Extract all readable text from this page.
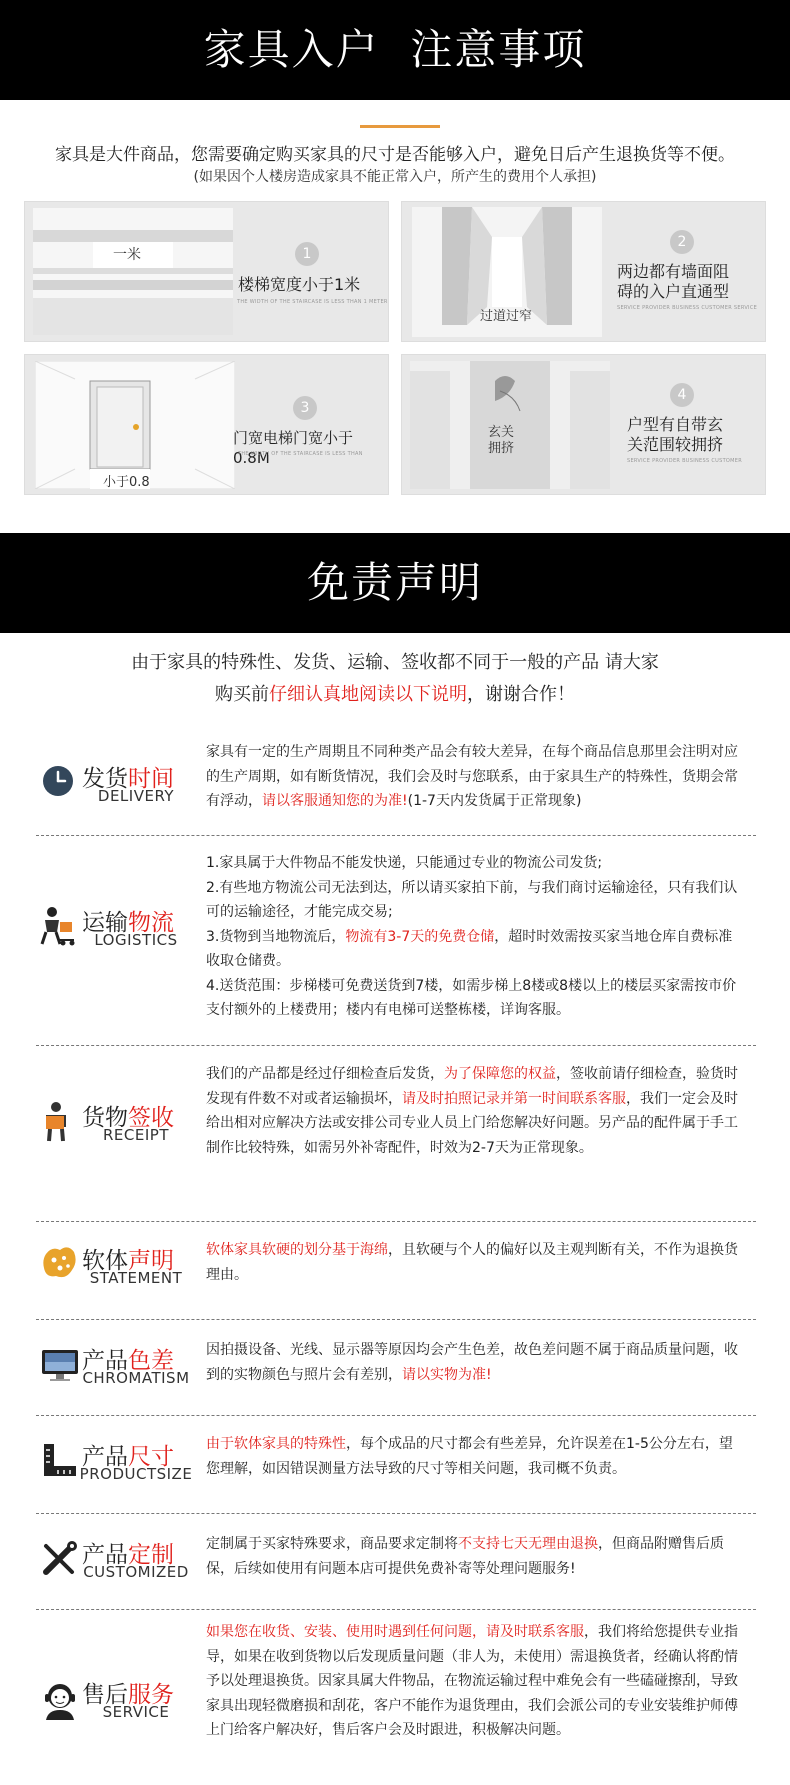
家具入户  注意事项
家具是大件商品，您需要确定购买家具的尺寸是否能够入户，避免日后产生退换货等不便。
(如果因个人楼房造成家具不能正常入户，所产生的费用个人承担)
一米	1
楼梯宽度小于1米
THE WIDTH OF THE STAIRCASE IS LESS THAN 1 METER
过道过窄
2
两边都有墙面阻
碍的入户直通型
SERVICE PROVIDER BUSINESS CUSTOMER SERVICE
小于0.8
3
门宽电梯门宽小于0.8M
THE WIDTH OF THE STAIRCASE IS LESS THAN
玄关
拥挤
4
户型有自带玄
关范围较拥挤
SERVICE PROVIDER BUSINESS CUSTOMER
免责声明
由于家具的特殊性、发货、运输、签收都不同于一般的产品 请大家
购买前仔细认真地阅读以下说明，谢谢合作！
发货时间
DELIVERY
家具有一定的生产周期且不同种类产品会有较大差异，在每个商品信息那里会注明对应的生产周期，如有断货情况，我们会及时与您联系，由于家具生产的特殊性，货期会常有浮动，请以客服通知您的为准!(1-7天内发货属于正常现象)
运输物流
LOGISTICS
1.家具属于大件物品不能发快递，只能通过专业的物流公司发货;
2.有些地方物流公司无法到达，所以请买家拍下前，与我们商讨运输途径，只有我们认可的运输途径，才能完成交易;
3.货物到当地物流后，物流有3-7天的免费仓储，超时时效需按买家当地仓库自费标准收取仓储费。
4.送货范围：步梯楼可免费送货到7楼，如需步梯上8楼或8楼以上的楼层买家需按市价支付额外的上楼费用；楼内有电梯可送整栋楼，详询客服。
货物签收
RECEIPT
我们的产品都是经过仔细检查后发货，为了保障您的权益，签收前请仔细检查，验货时发现有件数不对或者运输损坏，请及时拍照记录并第一时间联系客服，我们一定会及时给出相对应解决方法或安排公司专业人员上门给您解决好问题。另产品的配件属于手工制作比较特殊，如需另外补寄配件，时效为2-7天为正常现象。
软体声明
STATEMENT
软体家具软硬的划分基于海绵，且软硬与个人的偏好以及主观判断有关，不作为退换货理由。
产品色差
CHROMATISM
因拍摄设备、光线、显示器等原因均会产生色差，故色差问题不属于商品质量问题，收到的实物颜色与照片会有差别，请以实物为准!
产品尺寸
PRODUCTSIZE
由于软体家具的特殊性，每个成品的尺寸都会有些差异，允许误差在1-5公分左右，望您理解，如因错误测量方法导致的尺寸等相关问题，我司概不负责。
产品定制
CUSTOMIZED
定制属于买家特殊要求，商品要求定制将不支持七天无理由退换，但商品附赠售后质保，后续如使用有问题本店可提供免费补寄等处理问题服务!
售后服务
SERVICE
如果您在收货、安装、使用时遇到任何问题，请及时联系客服，我们将给您提供专业指导，如果在收到货物以后发现质量问题（非人为，未使用）需退换货者，经确认将酌情予以处理退换货。因家具属大件物品，在物流运输过程中难免会有一些磕碰擦刮，导致家具出现轻微磨损和刮花，客户不能作为退货理由，我们会派公司的专业安装维护师傅上门给客户解决好，售后客户会及时跟进，积极解决问题。
